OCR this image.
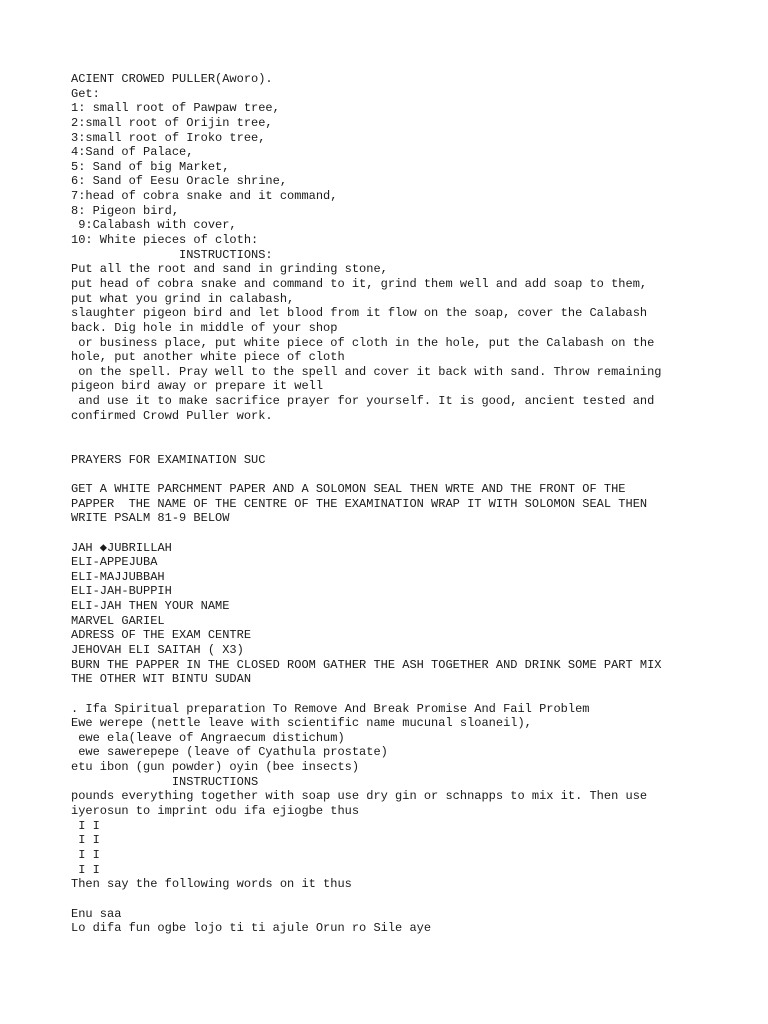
ACIENT CROWED PULLER(Aworo).
Get:
1: small root of Pawpaw tree,
2:small root of Orijin tree,
3:small root of Iroko tree,
4:Sand of Palace,
5: Sand of big Market,
6: Sand of Eesu Oracle shrine,
7:head of cobra snake and it command,
8: Pigeon bird,
9:Calabash with cover,
10: White pieces of cloth:
INSTRUCTIONS:
Put all the root and sand in grinding stone,
put head of cobra snake and command to it, grind them well and add soap to them,
put what you grind in calabash,
slaughter pigeon bird and let blood from it flow on the soap, cover the Calabash
back. Dig hole in middle of your shop
or business place, put white piece of cloth in the hole, put the Calabash on the
hole, put another white piece of cloth
on the spell. Pray well to the spell and cover it back with sand. Throw remaining
pigeon bird away or prepare it well
and use it to make sacrifice prayer for yourself. It is good, ancient tested and
confirmed Crowd Puller work.
PRAYERS FOR EXAMINATION SUC
GET A WHITE PARCHMENT PAPER AND A SOLOMON SEAL THEN WRTE AND THE FRONT OF THE
PAPPER  THE NAME OF THE CENTRE OF THE EXAMINATION WRAP IT WITH SOLOMON SEAL THEN
WRITE PSALM 81-9 BELOW
JAH ◆JUBRILLAH
ELI-APPEJUBA
ELI-MAJJUBBAH
ELI-JAH-BUPPIH
ELI-JAH THEN YOUR NAME
MARVEL GARIEL
ADRESS OF THE EXAM CENTRE
JEHOVAH ELI SAITAH ( X3)
BURN THE PAPPER IN THE CLOSED ROOM GATHER THE ASH TOGETHER AND DRINK SOME PART MIX
THE OTHER WIT BINTU SUDAN
. Ifa Spiritual preparation To Remove And Break Promise And Fail Problem
Ewe werepe (nettle leave with scientific name mucunal sloaneil),
ewe ela(leave of Angraecum distichum)
ewe sawerepepe (leave of Cyathula prostate)
etu ibon (gun powder) oyin (bee insects)
INSTRUCTIONS
pounds everything together with soap use dry gin or schnapps to mix it. Then use
iyerosun to imprint odu ifa ejiogbe thus
I I
I I
I I
I I
Then say the following words on it thus
Enu saa
Lo difa fun ogbe lojo ti ti ajule Orun ro Sile aye
